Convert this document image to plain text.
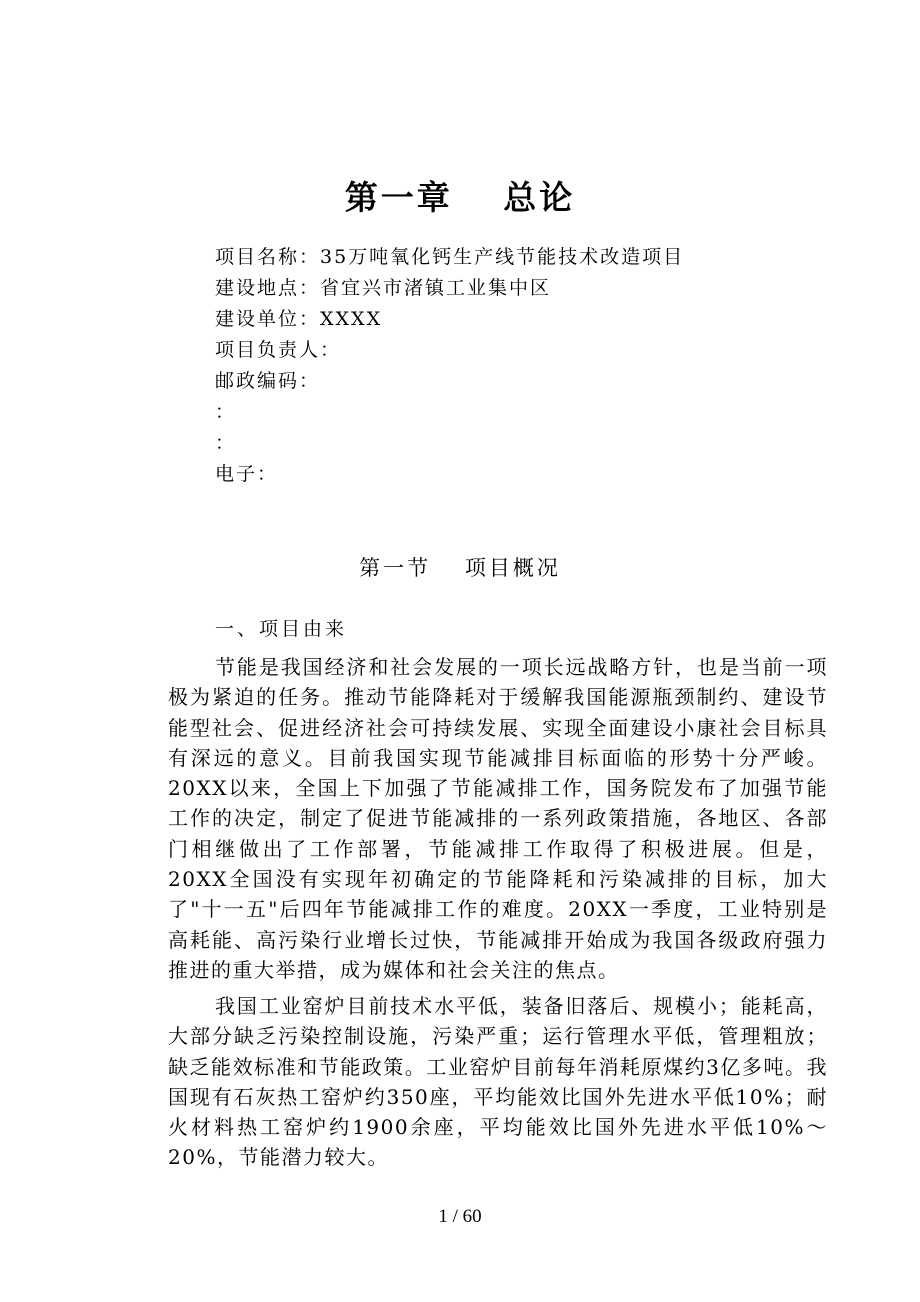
第一章　 总论
项目名称：35万吨氧化钙生产线节能技术改造项目
建设地点：省宜兴市渚镇工业集中区
建设单位：XXXX
项目负责人：
邮政编码：
：
：
电子：
第一节　 项目概况
一、项目由来

节能是我国经济和社会发展的一项长远战略方针，也是当前一项极为紧迫的任务。推动节能降耗对于缓解我国能源瓶颈制约、建设节能型社会、促进经济社会可持续发展、实现全面建设小康社会目标具有深远的意义。目前我国实现节能减排目标面临的形势十分严峻。20XX以来，全国上下加强了节能减排工作，国务院发布了加强节能工作的决定，制定了促进节能减排的一系列政策措施，各地区、各部门相继做出了工作部署，节能减排工作取得了积极进展。但是，20XX全国没有实现年初确定的节能降耗和污染减排的目标，加大了"十一五"后四年节能减排工作的难度。20XX一季度，工业特别是高耗能、高污染行业增长过快，节能减排开始成为我国各级政府强力推进的重大举措，成为媒体和社会关注的焦点。

我国工业窑炉目前技术水平低，装备旧落后、规模小；能耗高，大部分缺乏污染控制设施，污染严重；运行管理水平低，管理粗放；缺乏能效标准和节能政策。工业窑炉目前每年消耗原煤约3亿多吨。我国现有石灰热工窑炉约350座，平均能效比国外先进水平低10%；耐火材料热工窑炉约1900余座，平均能效比国外先进水平低10%～20%，节能潜力较大。

1 / 60
